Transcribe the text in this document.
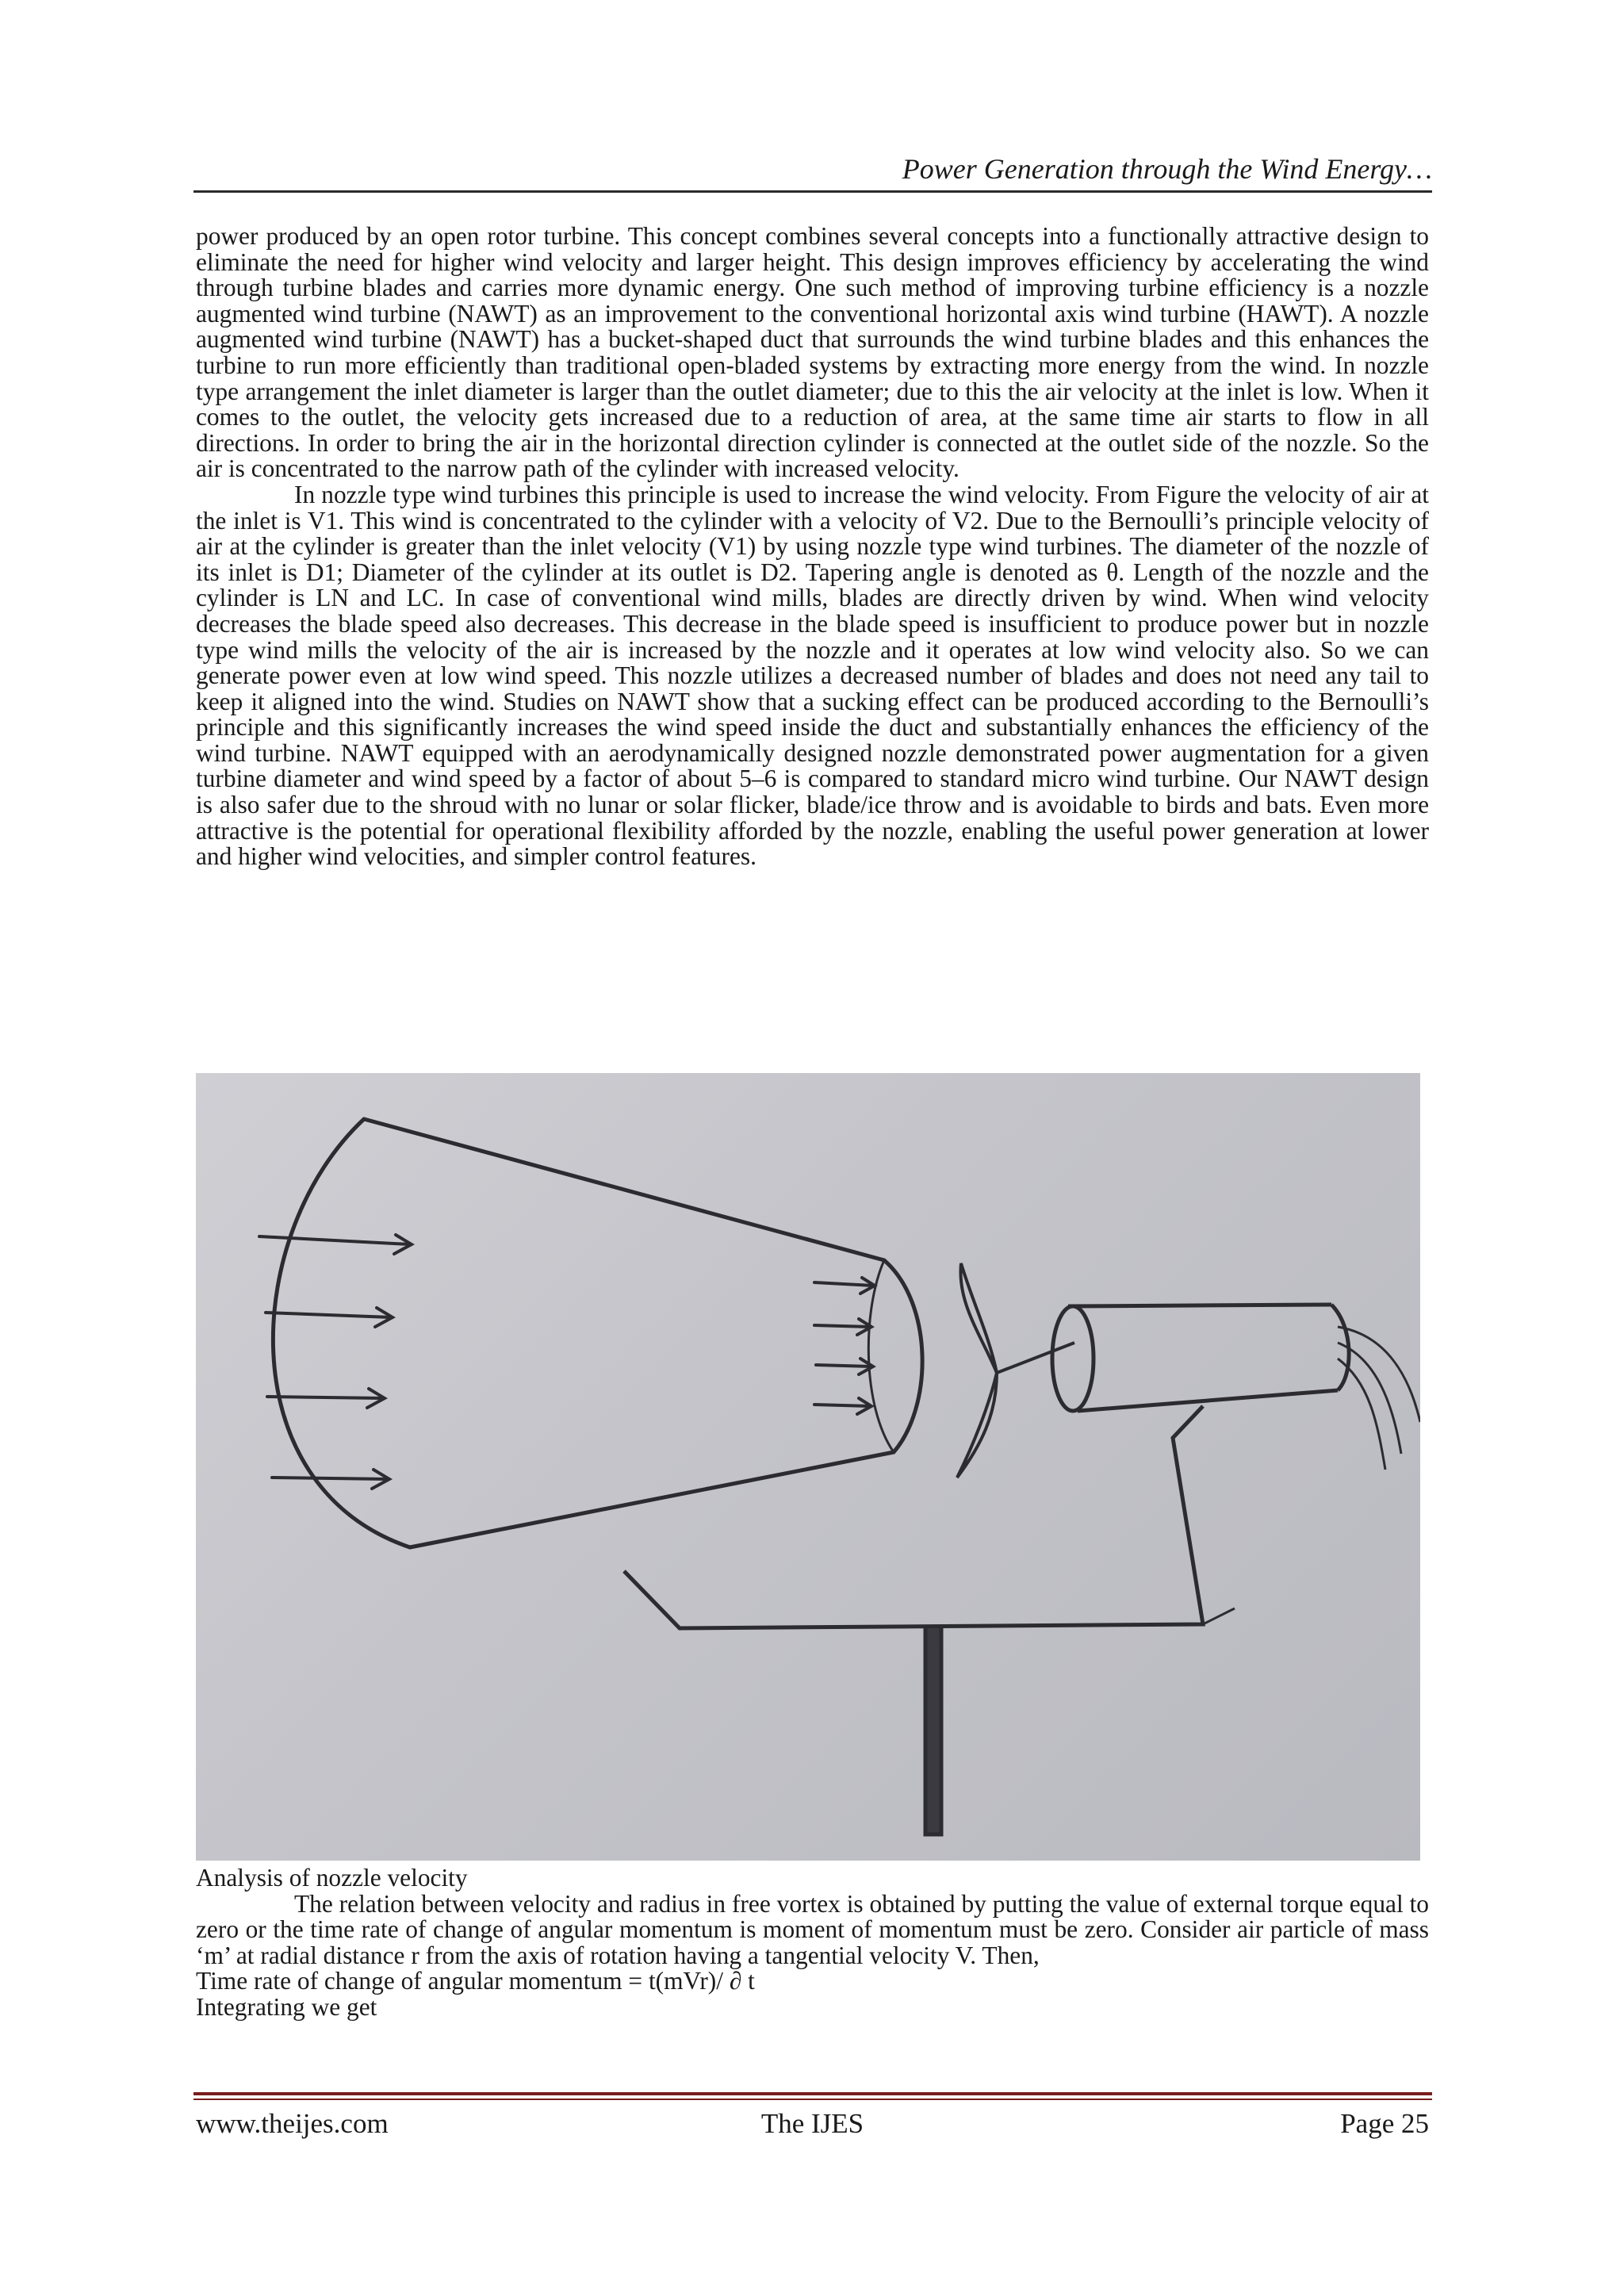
Power Generation through the Wind Energy…

power produced by an open rotor turbine. This concept combines several concepts into a functionally attractive design to eliminate the need for higher wind velocity and larger height. This design improves efficiency by accelerating the wind through turbine blades and carries more dynamic energy. One such method of improving turbine efficiency is a nozzle augmented wind turbine (NAWT) as an improvement to the conventional horizontal axis wind turbine (HAWT). A nozzle augmented wind turbine (NAWT) has a bucket-shaped duct that surrounds the wind turbine blades and this enhances the turbine to run more efficiently than traditional open-bladed systems by extracting more energy from the wind. In nozzle type arrangement the inlet diameter is larger than the outlet diameter; due to this the air velocity at the inlet is low. When it comes to the outlet, the velocity gets increased due to a reduction of area, at the same time air starts to flow in all directions. In order to bring the air in the horizontal direction cylinder is connected at the outlet side of the nozzle. So the air is concentrated to the narrow path of the cylinder with increased velocity.

In nozzle type wind turbines this principle is used to increase the wind velocity. From Figure the velocity of air at the inlet is V1. This wind is concentrated to the cylinder with a velocity of V2. Due to the Bernoulli’s principle velocity of air at the cylinder is greater than the inlet velocity (V1) by using nozzle type wind turbines. The diameter of the nozzle of its inlet is D1; Diameter of the cylinder at its outlet is D2. Tapering angle is denoted as θ. Length of the nozzle and the cylinder is LN and LC. In case of conventional wind mills, blades are directly driven by wind. When wind velocity decreases the blade speed also decreases. This decrease in the blade speed is insufficient to produce power but in nozzle type wind mills the velocity of the air is increased by the nozzle and it operates at low wind velocity also. So we can generate power even at low wind speed. This nozzle utilizes a decreased number of blades and does not need any tail to keep it aligned into the wind. Studies on NAWT show that a sucking effect can be produced according to the Bernoulli’s principle and this significantly increases the wind speed inside the duct and substantially enhances the efficiency of the wind turbine. NAWT equipped with an aerodynamically designed nozzle demonstrated power augmentation for a given turbine diameter and wind speed by a factor of about 5–6 is compared to standard micro wind turbine. Our NAWT design is also safer due to the shroud with no lunar or solar flicker, blade/ice throw and is avoidable to birds and bats. Even more attractive is the potential for operational flexibility afforded by the nozzle, enabling the useful power generation at lower and higher wind velocities, and simpler control features.

AIR
NOZZLE	GENERATOR
Stand

Analysis of nozzle velocity

The relation between velocity and radius in free vortex is obtained by putting the value of external torque equal to zero or the time rate of change of angular momentum is moment of momentum must be zero. Consider air particle of mass ‘m’ at radial distance r from the axis of rotation having a tangential velocity V. Then,

Time rate of change of angular momentum = t(mVr)/ ∂ t

Integrating we get

www.theijes.com	The IJES	Page 25
